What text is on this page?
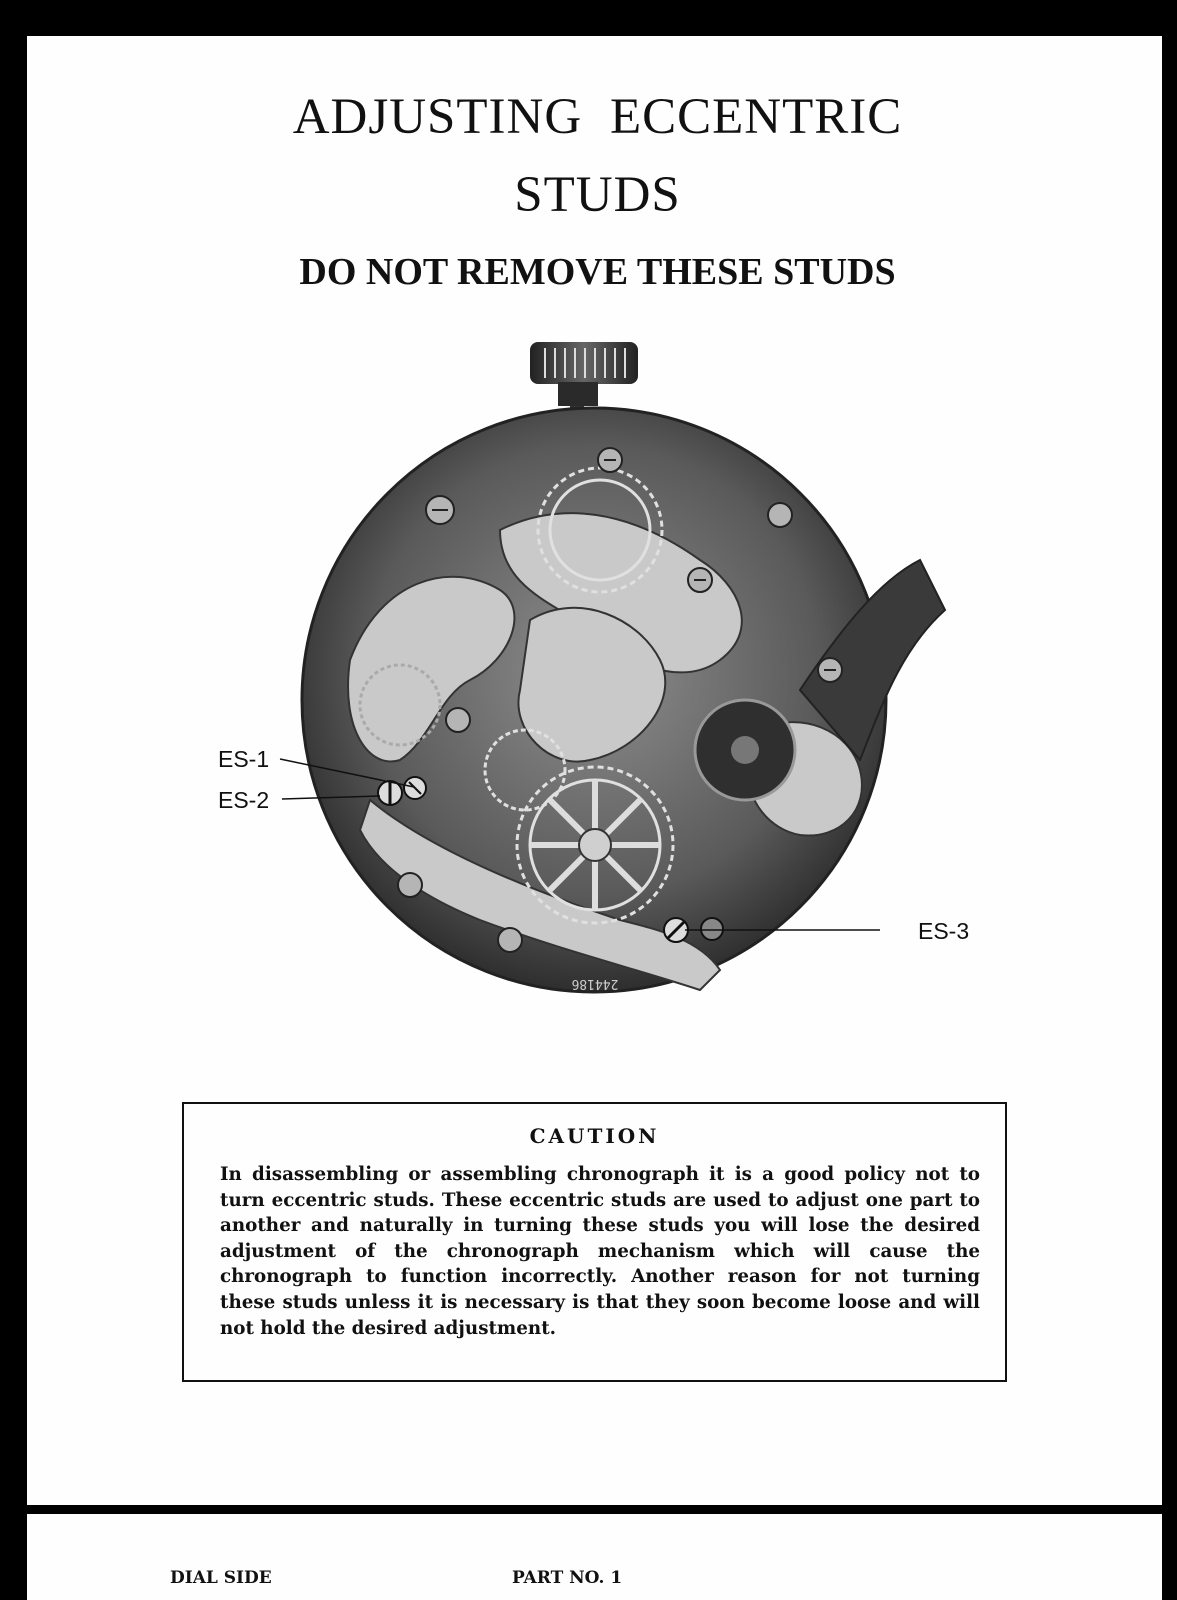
ADJUSTING ECCENTRIC
STUDS
DO NOT REMOVE THESE STUDS
244186
ES-1
ES-2
ES-3
CAUTION

In disassembling or assembling chronograph it is a good policy not to turn eccentric studs. These eccentric studs are used to adjust one part to another and naturally in turning these studs you will lose the desired adjustment of the chronograph mechanism which will cause the chronograph to function incorrectly. Another reason for not turning these studs unless it is necessary is that they soon become loose and will not hold the desired adjustment.

DIAL SIDE	PART NO. 1
